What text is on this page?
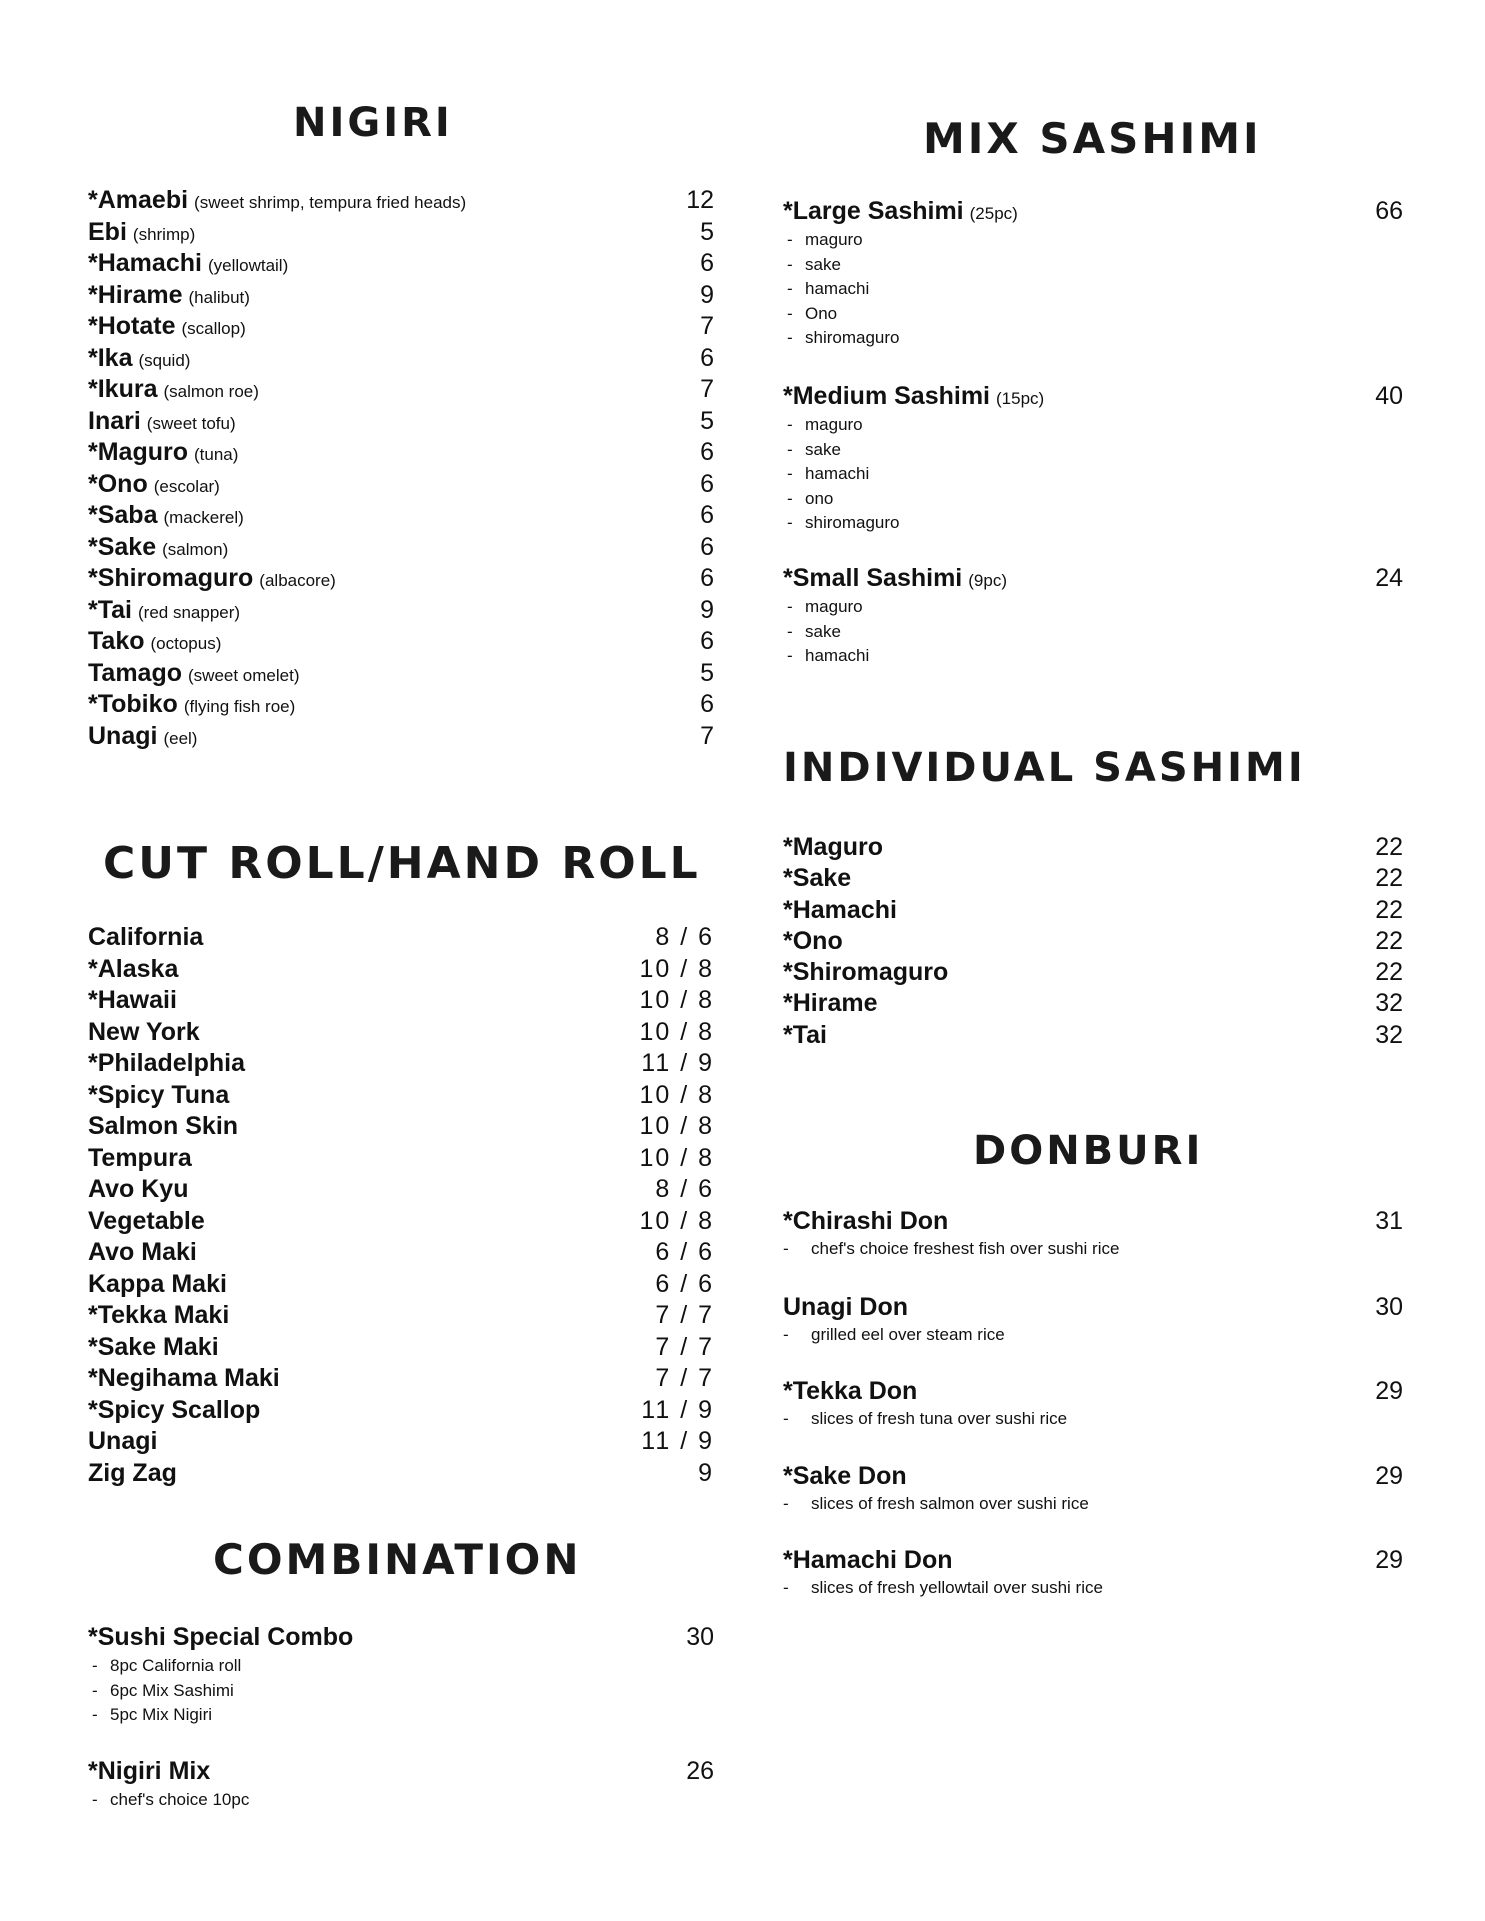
NIGIRI
*Amaebi (sweet shrimp, tempura fried heads)	12
Ebi (shrimp)	5
*Hamachi (yellowtail)	6
*Hirame (halibut)	9
*Hotate (scallop)	7
*Ika (squid)	6
*Ikura (salmon roe)	7
Inari (sweet tofu)	5
*Maguro (tuna)	6
*Ono (escolar)	6
*Saba (mackerel)	6
*Sake (salmon)	6
*Shiromaguro (albacore)	6
*Tai (red snapper)	9
Tako (octopus)	6
Tamago (sweet omelet)	5
*Tobiko (flying fish roe)	6
Unagi (eel)	7
CUT ROLL/HAND ROLL
California	8 / 6
*Alaska	10 / 8
*Hawaii	10 / 8
New York	10 / 8
*Philadelphia	11 / 9
*Spicy Tuna	10 / 8
Salmon Skin	10 / 8
Tempura	10 / 8
Avo Kyu	8 / 6
Vegetable	10 / 8
Avo Maki	6 / 6
Kappa Maki	6 / 6
*Tekka Maki	7 / 7
*Sake Maki	7 / 7
*Negihama Maki	7 / 7
*Spicy Scallop	11 / 9
Unagi	11 / 9
Zig Zag	9
COMBINATION
*Sushi Special Combo	30
- 8pc California roll
- 6pc Mix Sashimi
- 5pc Mix Nigiri
*Nigiri Mix	26
- chef's choice 10pc
MIX SASHIMI
*Large Sashimi (25pc)	66
- maguro
- sake
- hamachi
- Ono
- shiromaguro
*Medium Sashimi (15pc)	40
- maguro
- sake
- hamachi
- ono
- shiromaguro
*Small Sashimi (9pc)	24
- maguro
- sake
- hamachi
INDIVIDUAL SASHIMI
*Maguro	22
*Sake	22
*Hamachi	22
*Ono	22
*Shiromaguro	22
*Hirame	32
*Tai	32
DONBURI
*Chirashi Don	31
- chef's choice freshest fish over sushi rice
Unagi Don	30
- grilled eel over steam rice
*Tekka Don	29
- slices of fresh tuna over sushi rice
*Sake Don	29
- slices of fresh salmon over sushi rice
*Hamachi Don	29
- slices of fresh yellowtail over sushi rice
